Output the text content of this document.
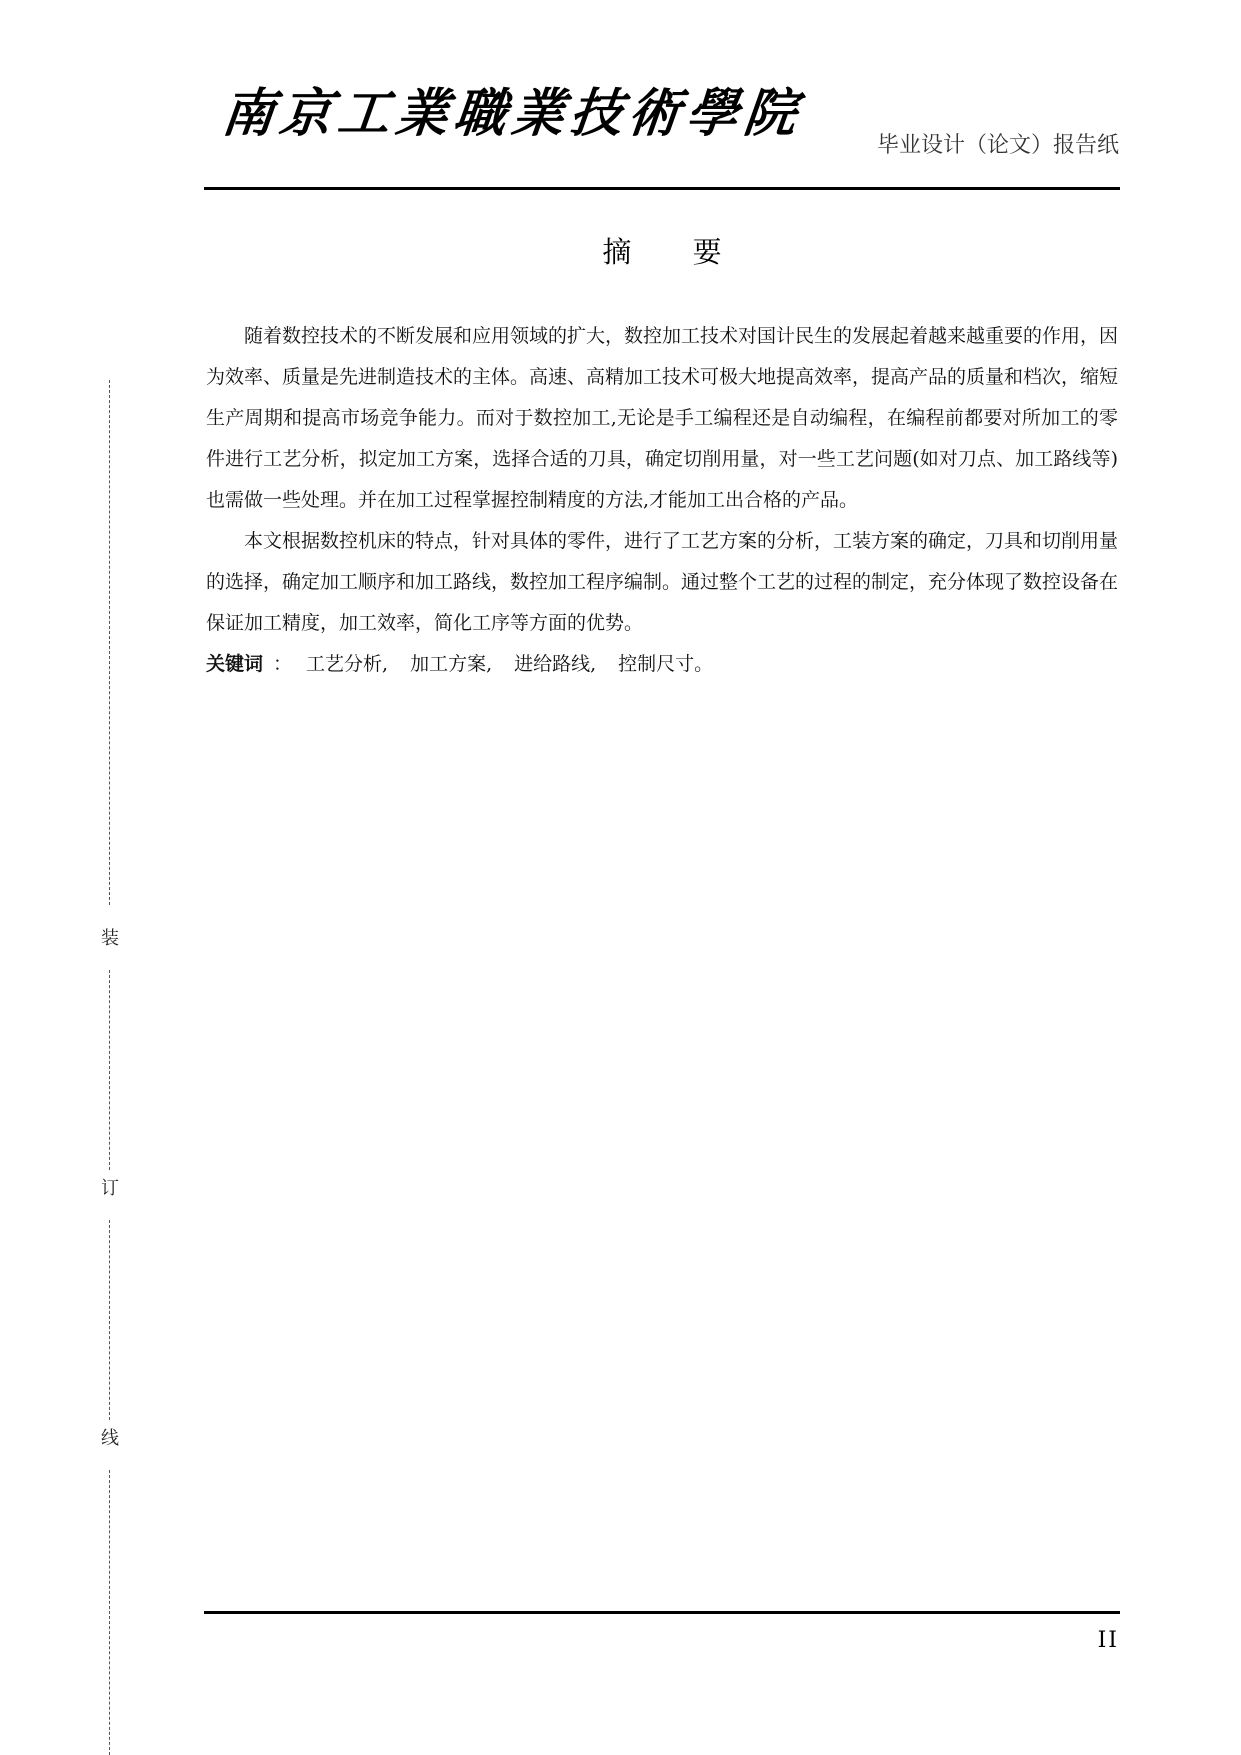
南京工業職業技術學院
毕业设计（论文）报告纸
摘 要

随着数控技术的不断发展和应用领域的扩大，数控加工技术对国计民生的发展起着越来越重要的作用，因为效率、质量是先进制造技术的主体。高速、高精加工技术可极大地提高效率，提高产品的质量和档次，缩短生产周期和提高市场竞争能力。而对于数控加工,无论是手工编程还是自动编程，在编程前都要对所加工的零件进行工艺分析，拟定加工方案，选择合适的刀具，确定切削用量，对一些工艺问题(如对刀点、加工路线等)也需做一些处理。并在加工过程掌握控制精度的方法,才能加工出合格的产品。

本文根据数控机床的特点，针对具体的零件，进行了工艺方案的分析，工装方案的确定，刀具和切削用量的选择，确定加工顺序和加工路线，数控加工程序编制。通过整个工艺的过程的制定，充分体现了数控设备在保证加工精度，加工效率，简化工序等方面的优势。

关键词 ： 工艺分析, 加工方案, 进给路线, 控制尺寸。
装
订
线
II
